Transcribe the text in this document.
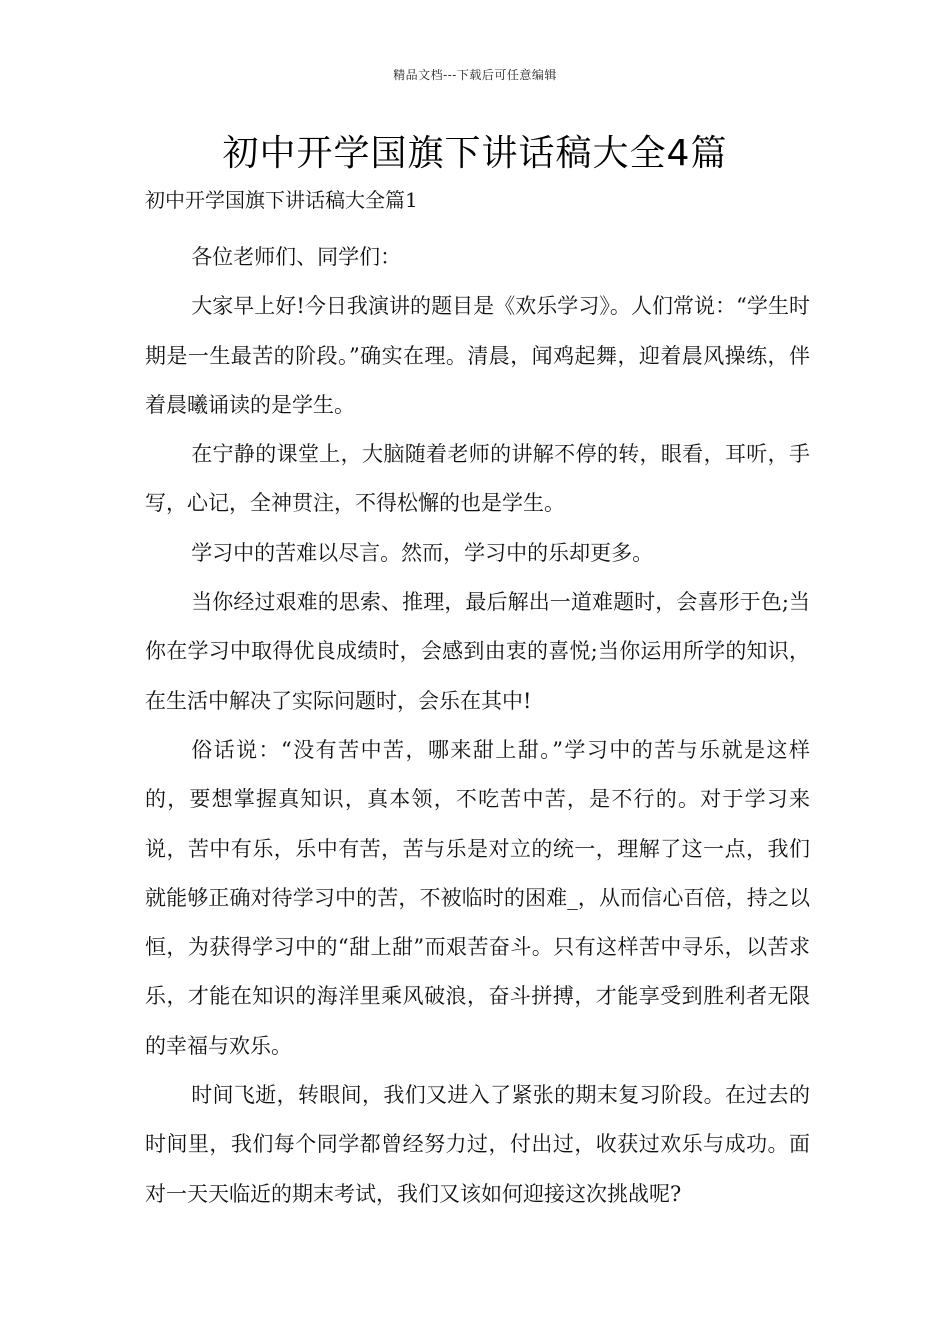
精品文档---下载后可任意编辑
初中开学国旗下讲话稿大全4篇
初中开学国旗下讲话稿大全篇1

各位老师们、同学们：

大家早上好!今日我演讲的题目是《欢乐学习》。人们常说：“学生时期是一生最苦的阶段。”确实在理。清晨，闻鸡起舞，迎着晨风操练，伴着晨曦诵读的是学生。

在宁静的课堂上，大脑随着老师的讲解不停的转，眼看，耳听，手写，心记，全神贯注，不得松懈的也是学生。

学习中的苦难以尽言。然而，学习中的乐却更多。

当你经过艰难的思索、推理，最后解出一道难题时，会喜形于色;当你在学习中取得优良成绩时，会感到由衷的喜悦;当你运用所学的知识，在生活中解决了实际问题时，会乐在其中!

俗话说：“没有苦中苦，哪来甜上甜。”学习中的苦与乐就是这样的，要想掌握真知识，真本领，不吃苦中苦，是不行的。对于学习来说，苦中有乐，乐中有苦，苦与乐是对立的统一，理解了这一点，我们就能够正确对待学习中的苦，不被临时的困难_，从而信心百倍，持之以恒，为获得学习中的“甜上甜”而艰苦奋斗。只有这样苦中寻乐，以苦求乐，才能在知识的海洋里乘风破浪，奋斗拼搏，才能享受到胜利者无限的幸福与欢乐。

时间飞逝，转眼间，我们又进入了紧张的期末复习阶段。在过去的时间里，我们每个同学都曾经努力过，付出过，收获过欢乐与成功。面对一天天临近的期末考试，我们又该如何迎接这次挑战呢?
